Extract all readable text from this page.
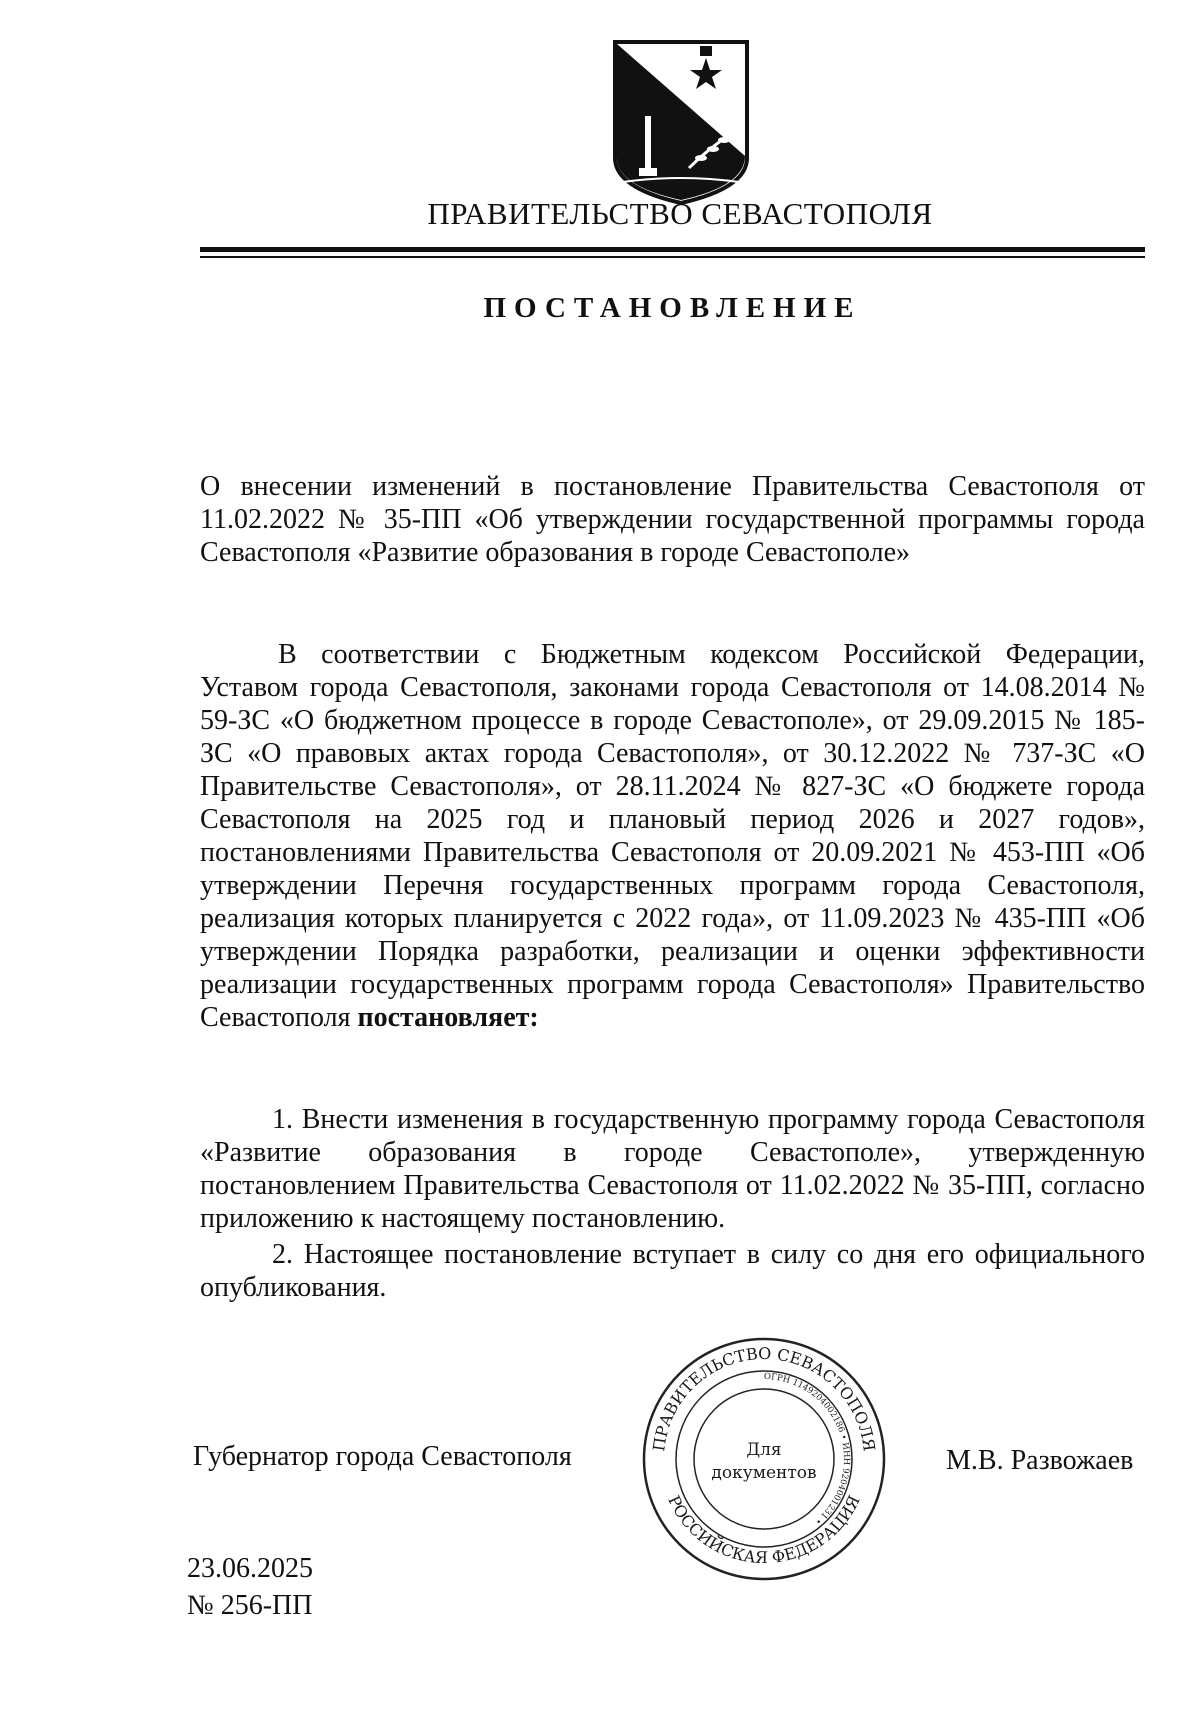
ПРАВИТЕЛЬСТВО СЕВАСТОПОЛЯ
ПОСТАНОВЛЕНИЕ

О внесении изменений в постановление Правительства Севастополя от 11.02.2022 № 35-ПП «Об утверждении государственной программы города Севастополя «Развитие образования в городе Севастополе»

В соответствии с Бюджетным кодексом Российской Федерации, Уставом города Севастополя, законами города Севастополя от 14.08.2014 № 59-ЗС «О бюджетном процессе в городе Севастополе», от 29.09.2015 № 185-ЗС «О правовых актах города Севастополя», от 30.12.2022 № 737-ЗС «О Правительстве Севастополя», от 28.11.2024 № 827-ЗС «О бюджете города Севастополя на 2025 год и плановый период 2026 и 2027 годов», постановлениями Правительства Севастополя от 20.09.2021 № 453-ПП «Об утверждении Перечня государственных программ города Севастополя, реализация которых планируется с 2022 года», от 11.09.2023 № 435-ПП «Об утверждении Порядка разработки, реализации и оценки эффективности реализации государственных программ города Севастополя» Правительство Севастополя постановляет:

1. Внести изменения в государственную программу города Севастополя «Развитие образования в городе Севастополе», утвержденную постановлением Правительства Севастополя от 11.02.2022 № 35-ПП, согласно приложению к настоящему постановлению.

2. Настоящее постановление вступает в силу со дня его официального опубликования.

Губернатор города Севастополя	ПРАВИТЕЛЬСТВО СЕВАСТОПОЛЯ
РОССИЙСКАЯ ФЕДЕРАЦИЯ
ОГРН 1149204002186 • ИНН 9204001231 •
Для
документов	М.В. Развожаев
23.06.2025
№ 256-ПП
